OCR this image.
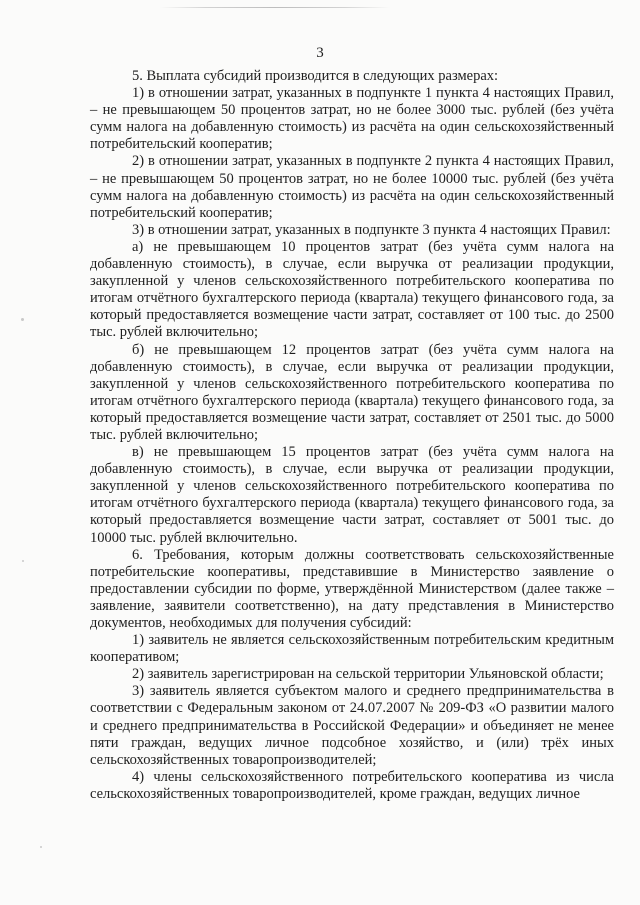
3

5. Выплата субсидий производится в следующих размерах:

1) в отношении затрат, указанных в подпункте 1 пункта 4 настоящих Правил, – не превышающем 50 процентов затрат, но не более 3000 тыс. рублей (без учёта сумм налога на добавленную стоимость) из расчёта на один сельскохозяйственный потребительский кооператив;

2) в отношении затрат, указанных в подпункте 2 пункта 4 настоящих Правил, – не превышающем 50 процентов затрат, но не более 10000 тыс. рублей (без учёта сумм налога на добавленную стоимость) из расчёта на один сельскохозяйственный потребительский кооператив;

3) в отношении затрат, указанных в подпункте 3 пункта 4 настоящих Правил:

а) не превышающем 10 процентов затрат (без учёта сумм налога на добавленную стоимость), в случае, если выручка от реализации продукции, закупленной у членов сельскохозяйственного потребительского кооператива по итогам отчётного бухгалтерского периода (квартала) текущего финансового года, за который предоставляется возмещение части затрат, составляет от 100 тыс. до 2500 тыс. рублей включительно;

б) не превышающем 12 процентов затрат (без учёта сумм налога на добавленную стоимость), в случае, если выручка от реализации продукции, закупленной у членов сельскохозяйственного потребительского кооператива по итогам отчётного бухгалтерского периода (квартала) текущего финансового года, за который предоставляется возмещение части затрат, составляет от 2501 тыс. до 5000 тыс. рублей включительно;

в) не превышающем 15 процентов затрат (без учёта сумм налога на добавленную стоимость), в случае, если выручка от реализации продукции, закупленной у членов сельскохозяйственного потребительского кооператива по итогам отчётного бухгалтерского периода (квартала) текущего финансового года, за который предоставляется возмещение части затрат, составляет от 5001 тыс. до 10000 тыс. рублей включительно.

6. Требования, которым должны соответствовать сельскохозяйственные потребительские кооперативы, представившие в Министерство заявление о предоставлении субсидии по форме, утверждённой Министерством (далее также – заявление, заявители соответственно), на дату представления в Министерство документов, необходимых для получения субсидий:

1) заявитель не является сельскохозяйственным потребительским кредитным кооперативом;

2) заявитель зарегистрирован на сельской территории Ульяновской области;

3) заявитель является субъектом малого и среднего предпринимательства в соответствии с Федеральным законом от 24.07.2007 № 209-ФЗ «О развитии малого и среднего предпринимательства в Российской Федерации» и объединяет не менее пяти граждан, ведущих личное подсобное хозяйство, и (или) трёх иных сельскохозяйственных товаропроизводителей;

4) члены сельскохозяйственного потребительского кооператива из числа сельскохозяйственных товаропроизводителей, кроме граждан, ведущих личное
